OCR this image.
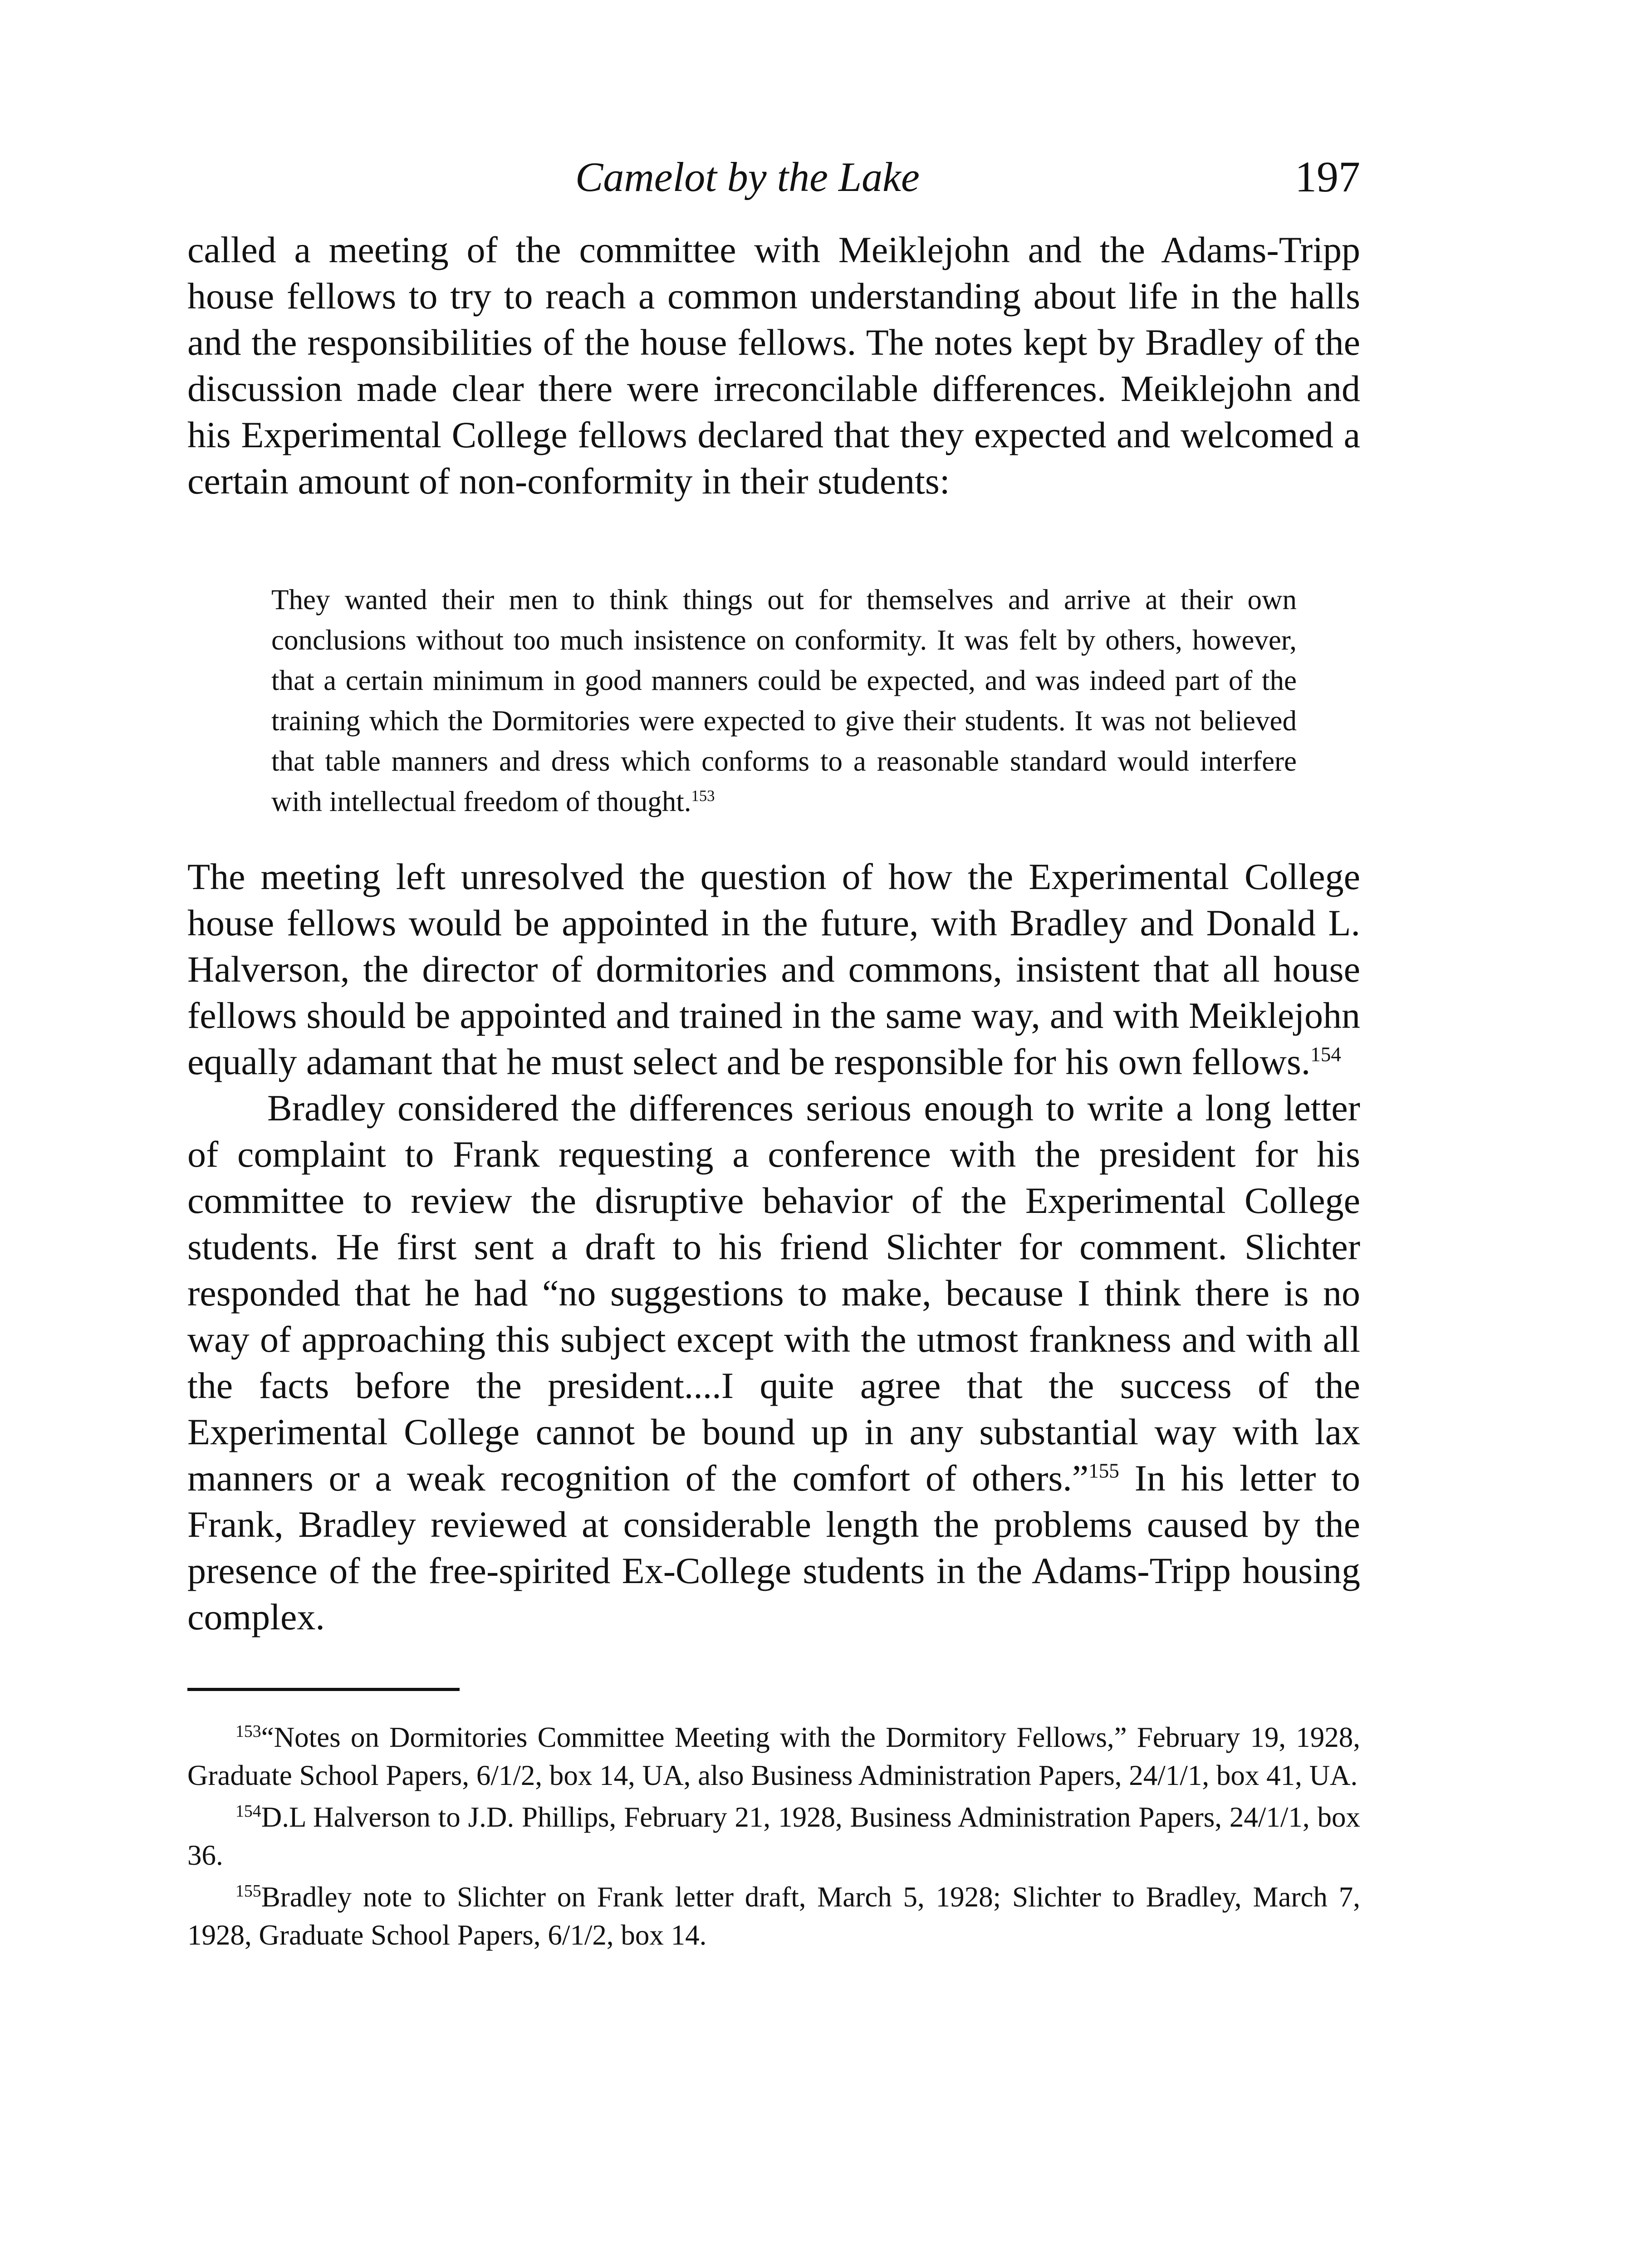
Camelot by the Lake	197

called a meeting of the committee with Meiklejohn and the Adams-Tripp house fellows to try to reach a common understanding about life in the halls and the responsibilities of the house fellows. The notes kept by Bradley of the discussion made clear there were irreconcilable differences. Meiklejohn and his Experimental College fellows declared that they expected and welcomed a certain amount of non-conformity in their students:

They wanted their men to think things out for themselves and arrive at their own conclusions without too much insistence on conformity. It was felt by others, however, that a certain minimum in good manners could be expected, and was indeed part of the training which the Dormitories were expected to give their students. It was not believed that table manners and dress which conforms to a reasonable standard would interfere with intellectual freedom of thought.$^{153}$

The meeting left unresolved the question of how the Experimental College house fellows would be appointed in the future, with Bradley and Donald L. Halverson, the director of dormitories and commons, insistent that all house fellows should be appointed and trained in the same way, and with Meiklejohn equally adamant that he must select and be responsible for his own fellows.$^{154}$

Bradley considered the differences serious enough to write a long letter of complaint to Frank requesting a conference with the president for his committee to review the disruptive behavior of the Experimental College students. He first sent a draft to his friend Slichter for comment. Slichter responded that he had “no suggestions to make, because I think there is no way of approaching this subject except with the utmost frankness and with all the facts before the president....I quite agree that the success of the Experimental College cannot be bound up in any substantial way with lax manners or a weak recognition of the comfort of others.”$^{155}$ In his letter to Frank, Bradley reviewed at considerable length the problems caused by the presence of the free-spirited Ex-College students in the Adams-Tripp housing complex.

$^{153}$“Notes on Dormitories Committee Meeting with the Dormitory Fellows,” February 19, 1928, Graduate School Papers, 6/1/2, box 14, UA, also Business Administration Papers, 24/1/1, box 41, UA.

$^{154}$D.L Halverson to J.D. Phillips, February 21, 1928, Business Administration Papers, 24/1/1, box 36.

$^{155}$Bradley note to Slichter on Frank letter draft, March 5, 1928; Slichter to Bradley, March 7, 1928, Graduate School Papers, 6/1/2, box 14.
